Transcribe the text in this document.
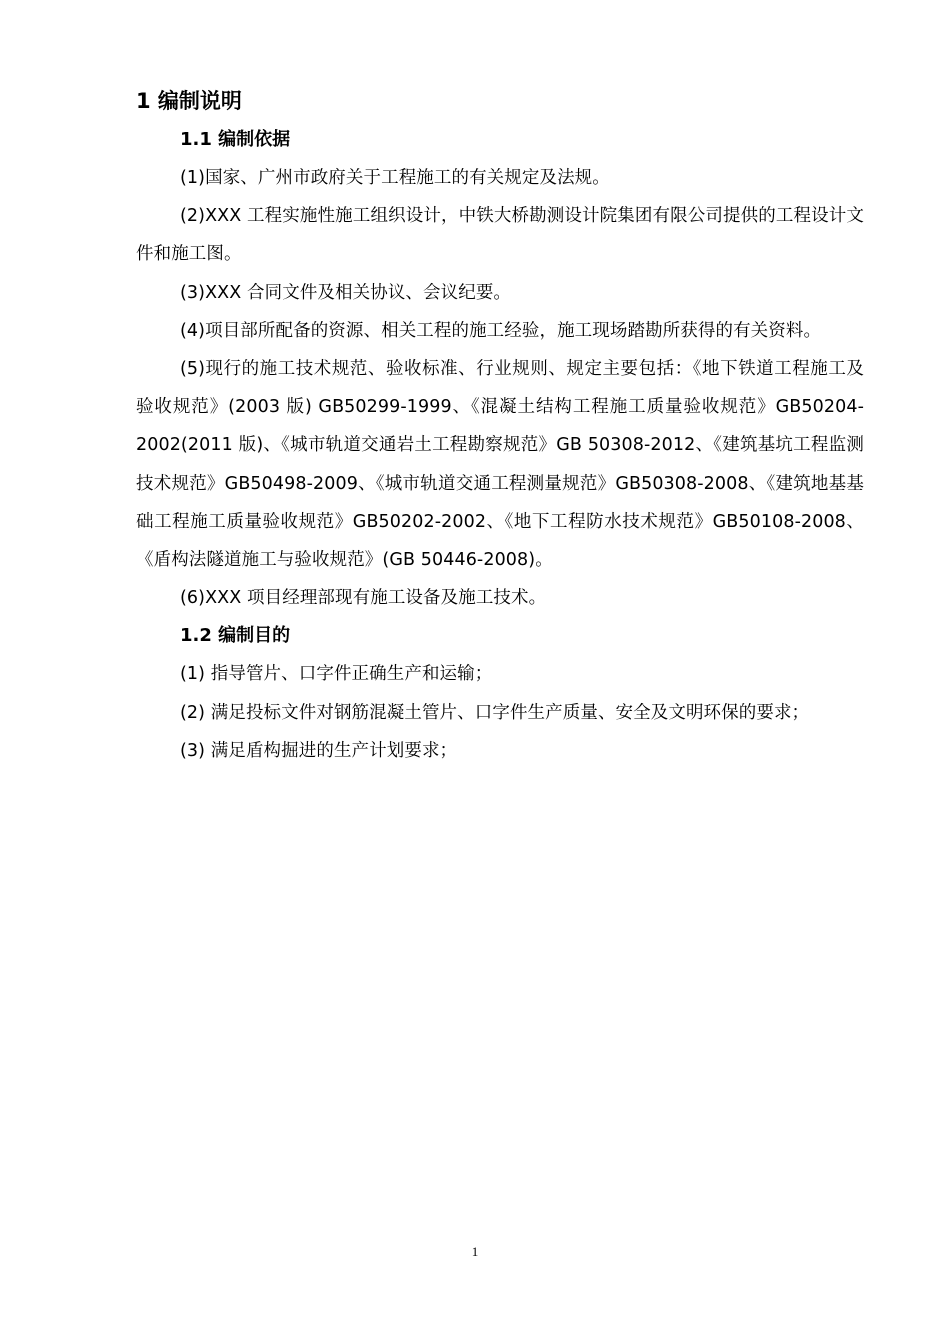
1 编制说明
1.1 编制依据

(1)国家、广州市政府关于工程施工的有关规定及法规。

(2)XXX 工程实施性施工组织设计，中铁大桥勘测设计院集团有限公司提供的工程设计文件和施工图。

(3)XXX 合同文件及相关协议、会议纪要。

(4)项目部所配备的资源、相关工程的施工经验，施工现场踏勘所获得的有关资料。

(5)现行的施工技术规范、验收标准、行业规则、规定主要包括：《地下铁道工程施工及验收规范》(2003 版) GB50299-1999、《混凝土结构工程施工质量验收规范》GB50204-2002(2011 版)、《城市轨道交通岩土工程勘察规范》GB 50308-2012、《建筑基坑工程监测技术规范》GB50498-2009、《城市轨道交通工程测量规范》GB50308-2008、《建筑地基基础工程施工质量验收规范》GB50202-2002、《地下工程防水技术规范》GB50108-2008、《盾构法隧道施工与验收规范》(GB 50446-2008)。

(6)XXX 项目经理部现有施工设备及施工技术。

1.2 编制目的

(1) 指导管片、口字件正确生产和运输；

(2) 满足投标文件对钢筋混凝土管片、口字件生产质量、安全及文明环保的要求；

(3) 满足盾构掘进的生产计划要求；

1
